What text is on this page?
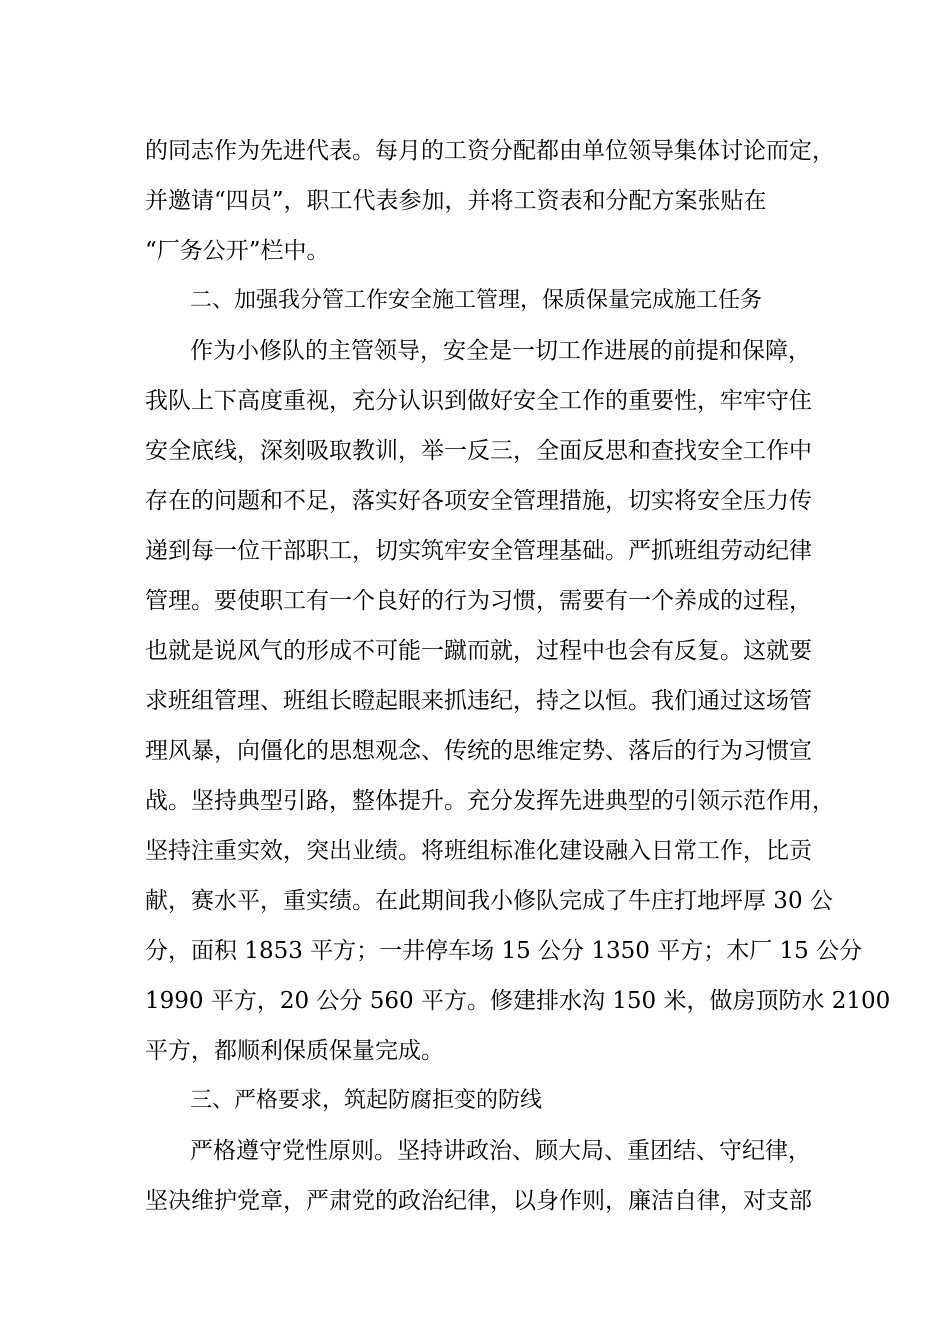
的同志作为先进代表。每月的工资分配都由单位领导集体讨论而定，
并邀请“四员”，职工代表参加，并将工资表和分配方案张贴在
“厂务公开”栏中。
二、加强我分管工作安全施工管理，保质保量完成施工任务
作为小修队的主管领导，安全是一切工作进展的前提和保障，
我队上下高度重视，充分认识到做好安全工作的重要性，牢牢守住
安全底线，深刻吸取教训，举一反三，全面反思和查找安全工作中
存在的问题和不足，落实好各项安全管理措施，切实将安全压力传
递到每一位干部职工，切实筑牢安全管理基础。严抓班组劳动纪律
管理。要使职工有一个良好的行为习惯，需要有一个养成的过程，
也就是说风气的形成不可能一蹴而就，过程中也会有反复。这就要
求班组管理、班组长瞪起眼来抓违纪，持之以恒。我们通过这场管
理风暴，向僵化的思想观念、传统的思维定势、落后的行为习惯宣
战。坚持典型引路，整体提升。充分发挥先进典型的引领示范作用，
坚持注重实效，突出业绩。将班组标准化建设融入日常工作，比贡
献，赛水平，重实绩。在此期间我小修队完成了牛庄打地坪厚 30 公
分，面积 1853 平方；一井停车场 15 公分 1350 平方；木厂 15 公分
1990 平方，20 公分 560 平方。修建排水沟 150 米，做房顶防水 2100
平方，都顺利保质保量完成。
三、严格要求，筑起防腐拒变的防线
严格遵守党性原则。坚持讲政治、顾大局、重团结、守纪律，
坚决维护党章，严肃党的政治纪律，以身作则，廉洁自律，对支部
